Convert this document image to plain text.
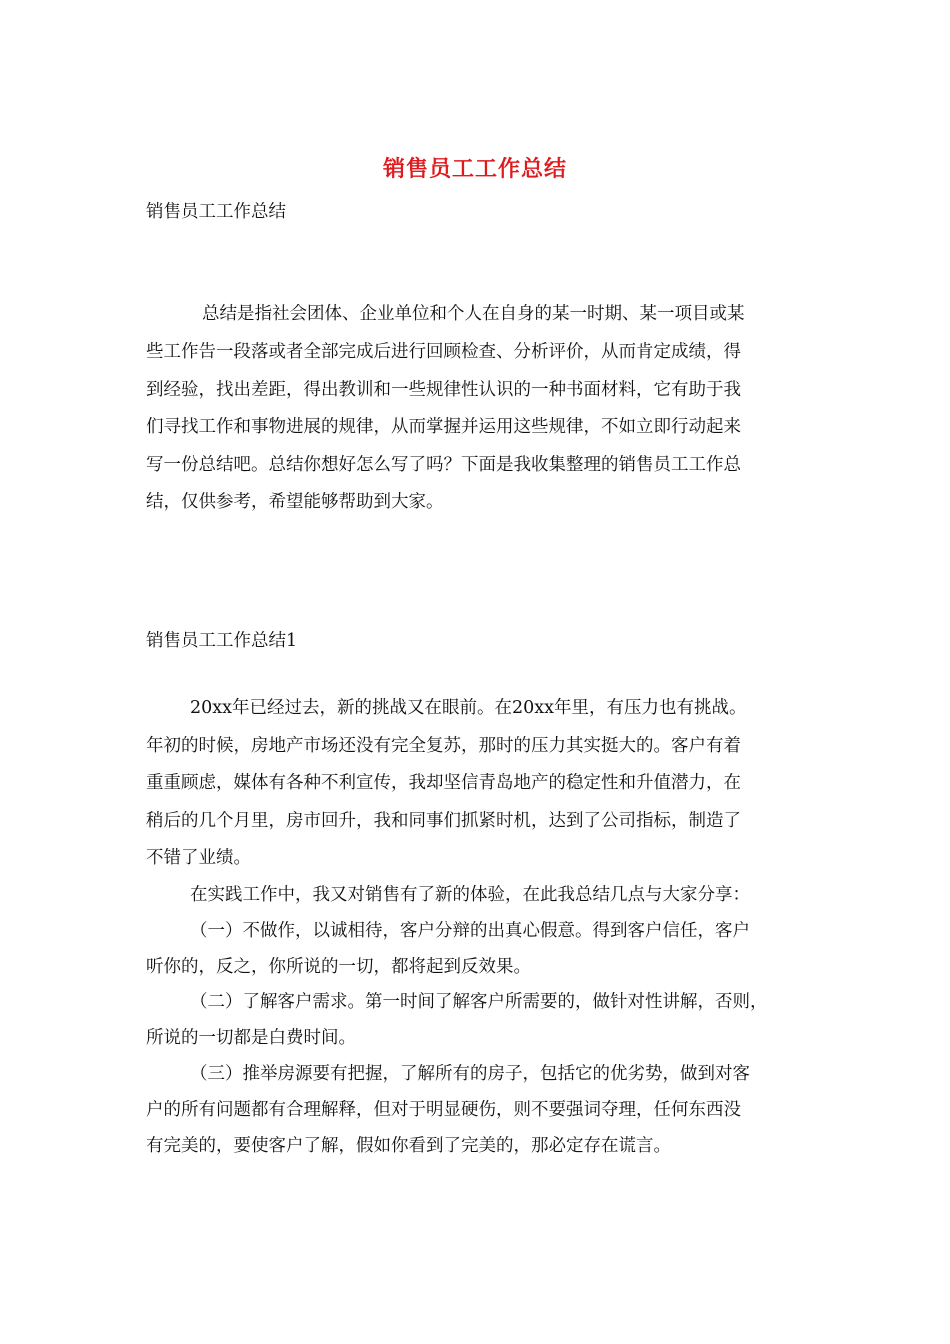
销售员工工作总结
销售员工工作总结
总结是指社会团体、企业单位和个人在自身的某一时期、某一项目或某
些工作告一段落或者全部完成后进行回顾检查、分析评价，从而肯定成绩，得
到经验，找出差距，得出教训和一些规律性认识的一种书面材料，它有助于我
们寻找工作和事物进展的规律，从而掌握并运用这些规律，不如立即行动起来
写一份总结吧。总结你想好怎么写了吗？下面是我收集整理的销售员工工作总
结，仅供参考，希望能够帮助到大家。
销售员工工作总结1
20xx年已经过去，新的挑战又在眼前。在20xx年里，有压力也有挑战。
年初的时候，房地产市场还没有完全复苏，那时的压力其实挺大的。客户有着
重重顾虑，媒体有各种不利宣传，我却坚信青岛地产的稳定性和升值潜力，在
稍后的几个月里，房市回升，我和同事们抓紧时机，达到了公司指标，制造了
不错了业绩。
在实践工作中，我又对销售有了新的体验，在此我总结几点与大家分享：
（一）不做作，以诚相待，客户分辩的出真心假意。得到客户信任，客户
听你的，反之，你所说的一切，都将起到反效果。
（二）了解客户需求。第一时间了解客户所需要的，做针对性讲解，否则，
所说的一切都是白费时间。
（三）推举房源要有把握，了解所有的房子，包括它的优劣势，做到对客
户的所有问题都有合理解释，但对于明显硬伤，则不要强词夺理，任何东西没
有完美的，要使客户了解，假如你看到了完美的，那必定存在谎言。
